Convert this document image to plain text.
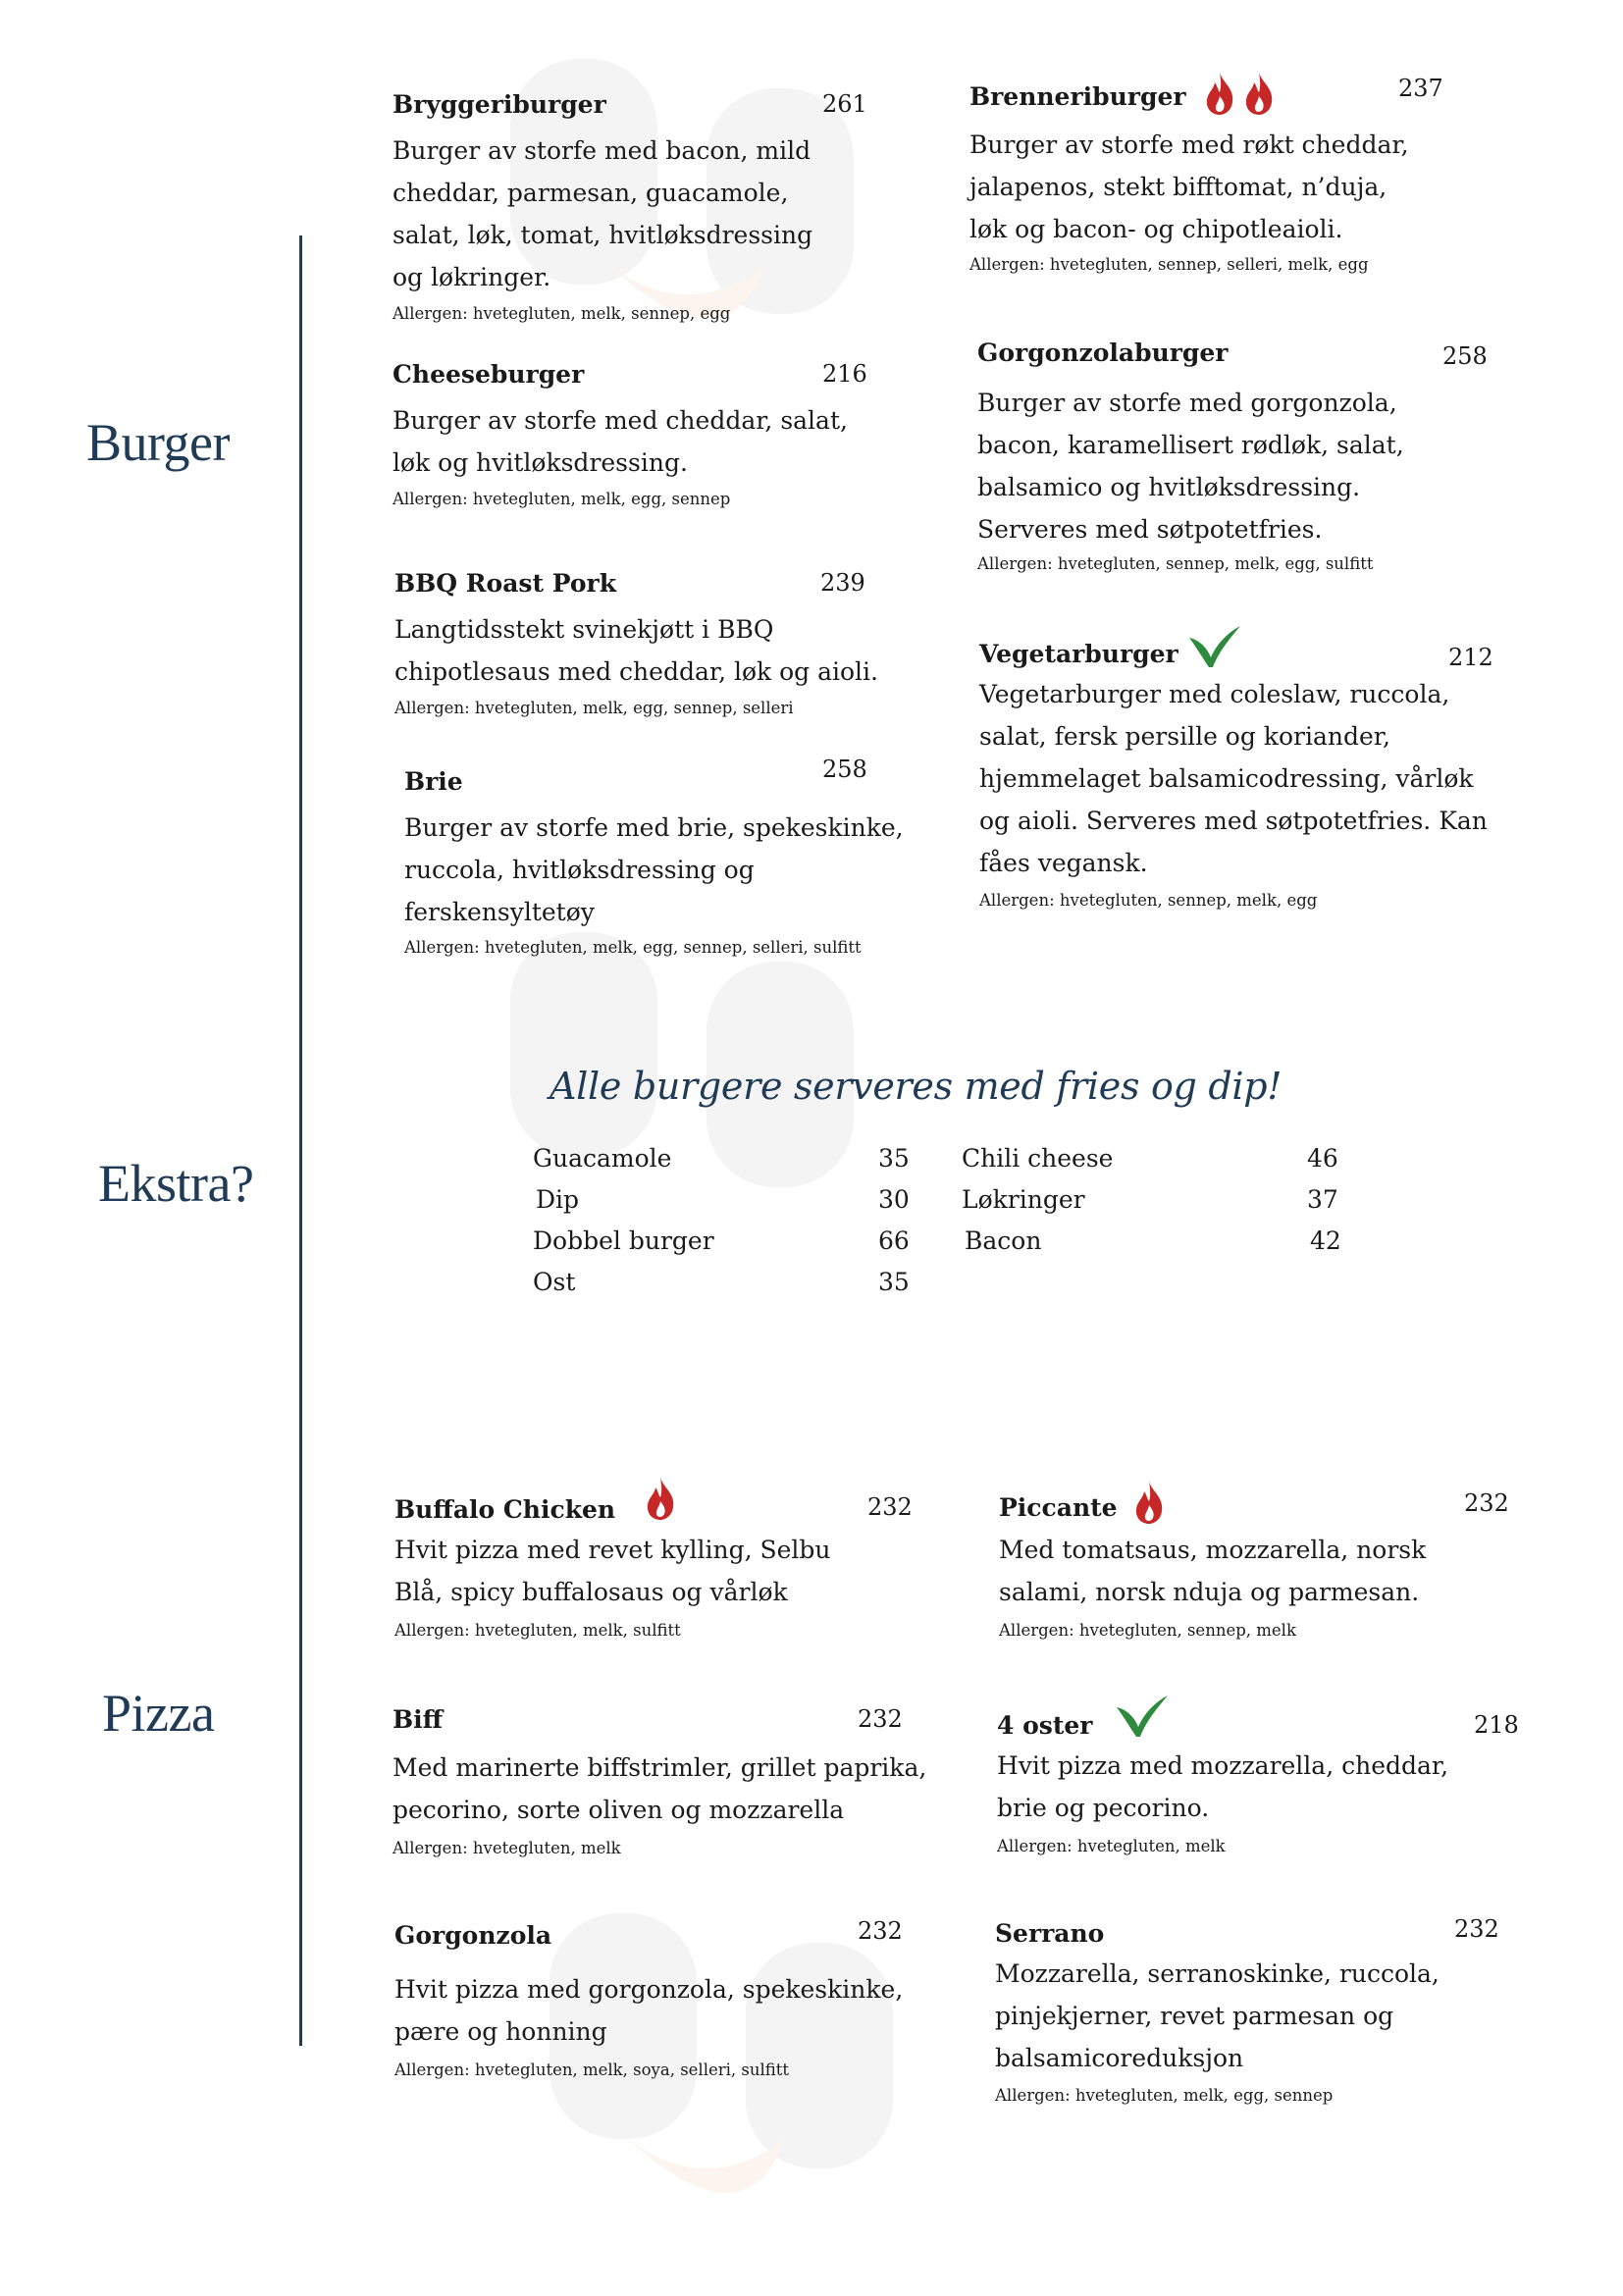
Burger
Ekstra?
Pizza
Bryggeriburger	261
Burger av storfe med bacon, mild
cheddar, parmesan, guacamole,
salat, løk, tomat, hvitløksdressing
og løkringer.
Allergen: hvetegluten, melk, sennep, egg
Cheeseburger	216
Burger av storfe med cheddar, salat,
løk og hvitløksdressing.
Allergen: hvetegluten, melk, egg, sennep
BBQ Roast Pork	239
Langtidsstekt svinekjøtt i BBQ
chipotlesaus med cheddar, løk og aioli.
Allergen: hvetegluten, melk, egg, sennep, selleri
Brie	258
Burger av storfe med brie, spekeskinke,
ruccola, hvitløksdressing og
ferskensyltetøy
Allergen: hvetegluten, melk, egg, sennep, selleri, sulfitt
Brenneriburger	237
Burger av storfe med røkt cheddar,
jalapenos, stekt bifftomat, n’duja,
løk og bacon- og chipotleaioli.
Allergen: hvetegluten, sennep, selleri, melk, egg
Gorgonzolaburger	258
Burger av storfe med gorgonzola,
bacon, karamellisert rødløk, salat,
balsamico og hvitløksdressing.
Serveres med søtpotetfries.
Allergen: hvetegluten, sennep, melk, egg, sulfitt
Vegetarburger	212
Vegetarburger med coleslaw, ruccola,
salat, fersk persille og koriander,
hjemmelaget balsamicodressing, vårløk
og aioli. Serveres med søtpotetfries. Kan
fåes vegansk.
Allergen: hvetegluten, sennep, melk, egg
Alle burgere serveres med fries og dip!
Guacamole	35
Dip	30
Dobbel burger	66
Ost	35
Chili cheese	46
Løkringer	37
Bacon	42
Buffalo Chicken	232
Hvit pizza med revet kylling, Selbu
Blå, spicy buffalosaus og vårløk
Allergen: hvetegluten, melk, sulfitt
Biff	232
Med marinerte biffstrimler, grillet paprika,
pecorino, sorte oliven og mozzarella
Allergen: hvetegluten, melk
Gorgonzola	232
Hvit pizza med gorgonzola, spekeskinke,
pære og honning
Allergen: hvetegluten, melk, soya, selleri, sulfitt
Piccante	232
Med tomatsaus, mozzarella, norsk
salami, norsk nduja og parmesan.
Allergen: hvetegluten, sennep, melk
4 oster	218
Hvit pizza med mozzarella, cheddar,
brie og pecorino.
Allergen: hvetegluten, melk
Serrano	232
Mozzarella, serranoskinke, ruccola,
pinjekjerner, revet parmesan og
balsamicoreduksjon
Allergen: hvetegluten, melk, egg, sennep
